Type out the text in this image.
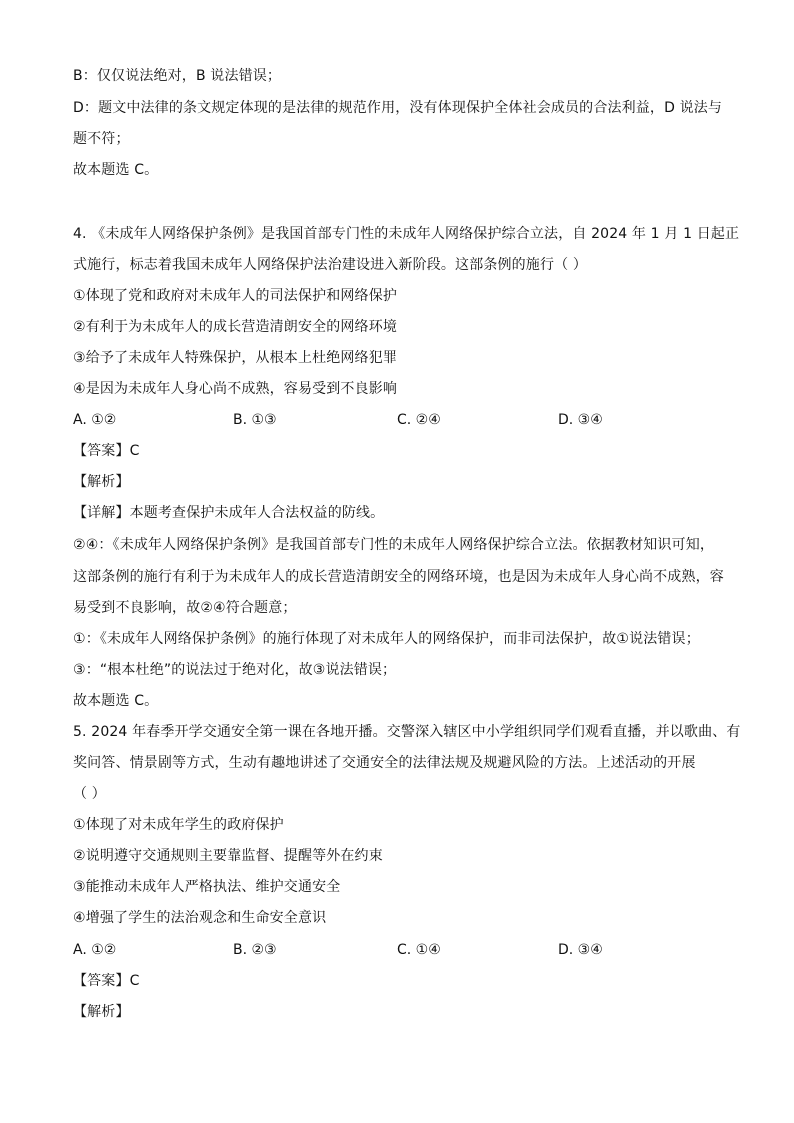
B：仅仅说法绝对，B 说法错误；
D：题文中法律的条文规定体现的是法律的规范作用，没有体现保护全体社会成员的合法利益，D 说法与
题不符；
故本题选 C。
4. 《未成年人网络保护条例》是我国首部专门性的未成年人网络保护综合立法，自 2024 年 1 月 1 日起正
式施行，标志着我国未成年人网络保护法治建设进入新阶段。这部条例的施行（ ）
①体现了党和政府对未成年人的司法保护和网络保护
②有利于为未成年人的成长营造清朗安全的网络环境
③给予了未成年人特殊保护，从根本上杜绝网络犯罪
④是因为未成年人身心尚不成熟，容易受到不良影响
A. ①②	B. ①③	C. ②④	D. ③④
【答案】C
【解析】
【详解】本题考查保护未成年人合法权益的防线。
②④：《未成年人网络保护条例》是我国首部专门性的未成年人网络保护综合立法。依据教材知识可知，
这部条例的施行有利于为未成年人的成长营造清朗安全的网络环境，也是因为未成年人身心尚不成熟，容
易受到不良影响，故②④符合题意；
①：《未成年人网络保护条例》的施行体现了对未成年人的网络保护，而非司法保护，故①说法错误；
③：“根本杜绝”的说法过于绝对化，故③说法错误；
故本题选 C。
5. 2024 年春季开学交通安全第一课在各地开播。交警深入辖区中小学组织同学们观看直播，并以歌曲、有
奖问答、情景剧等方式，生动有趣地讲述了交通安全的法律法规及规避风险的方法。上述活动的开展
（ ）
①体现了对未成年学生的政府保护
②说明遵守交通规则主要靠监督、提醒等外在约束
③能推动未成年人严格执法、维护交通安全
④增强了学生的法治观念和生命安全意识
A. ①②	B. ②③	C. ①④	D. ③④
【答案】C
【解析】
